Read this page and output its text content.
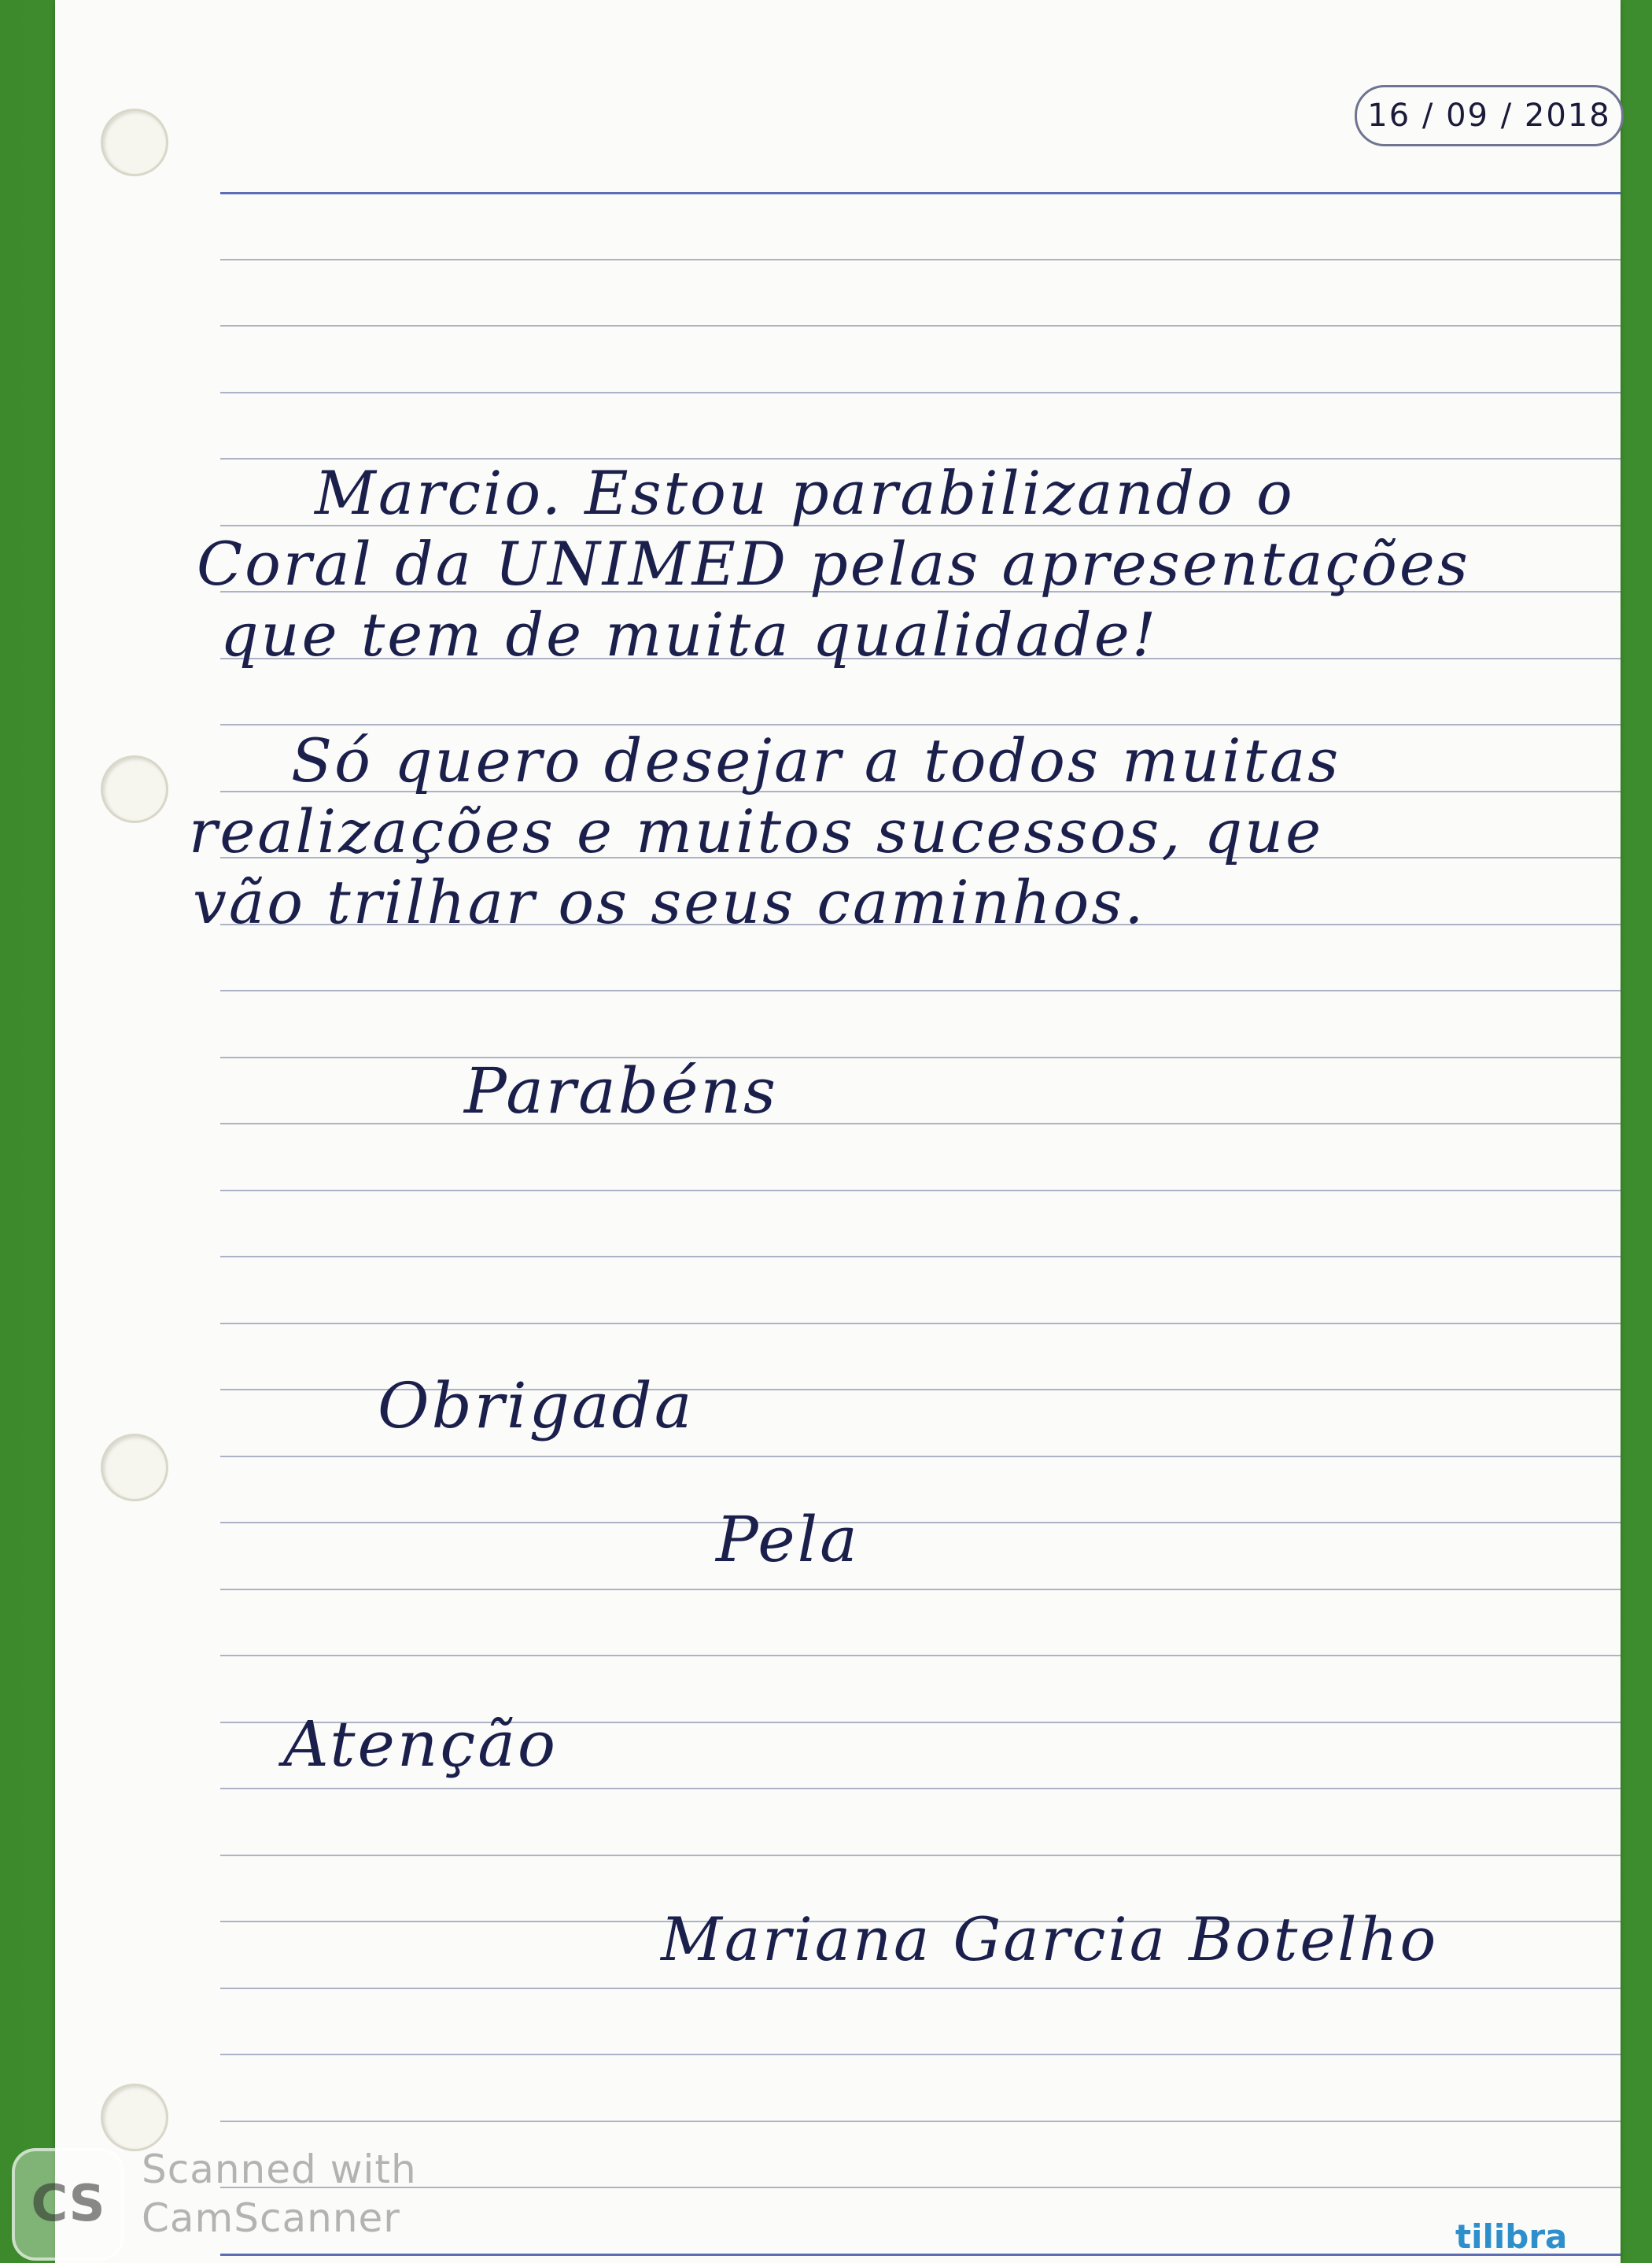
16 / 09 / 2018
Marcio. Estou parabilizando o
Coral da UNIMED pelas apresentações
que tem de muita qualidade!
Só quero desejar a todos muitas
realizações e muitos sucessos, que
vão trilhar os seus caminhos.
Parabéns
Obrigada
Pela
Atenção
Mariana Garcia Botelho
CS
Scanned with
CamScanner	tilibra
